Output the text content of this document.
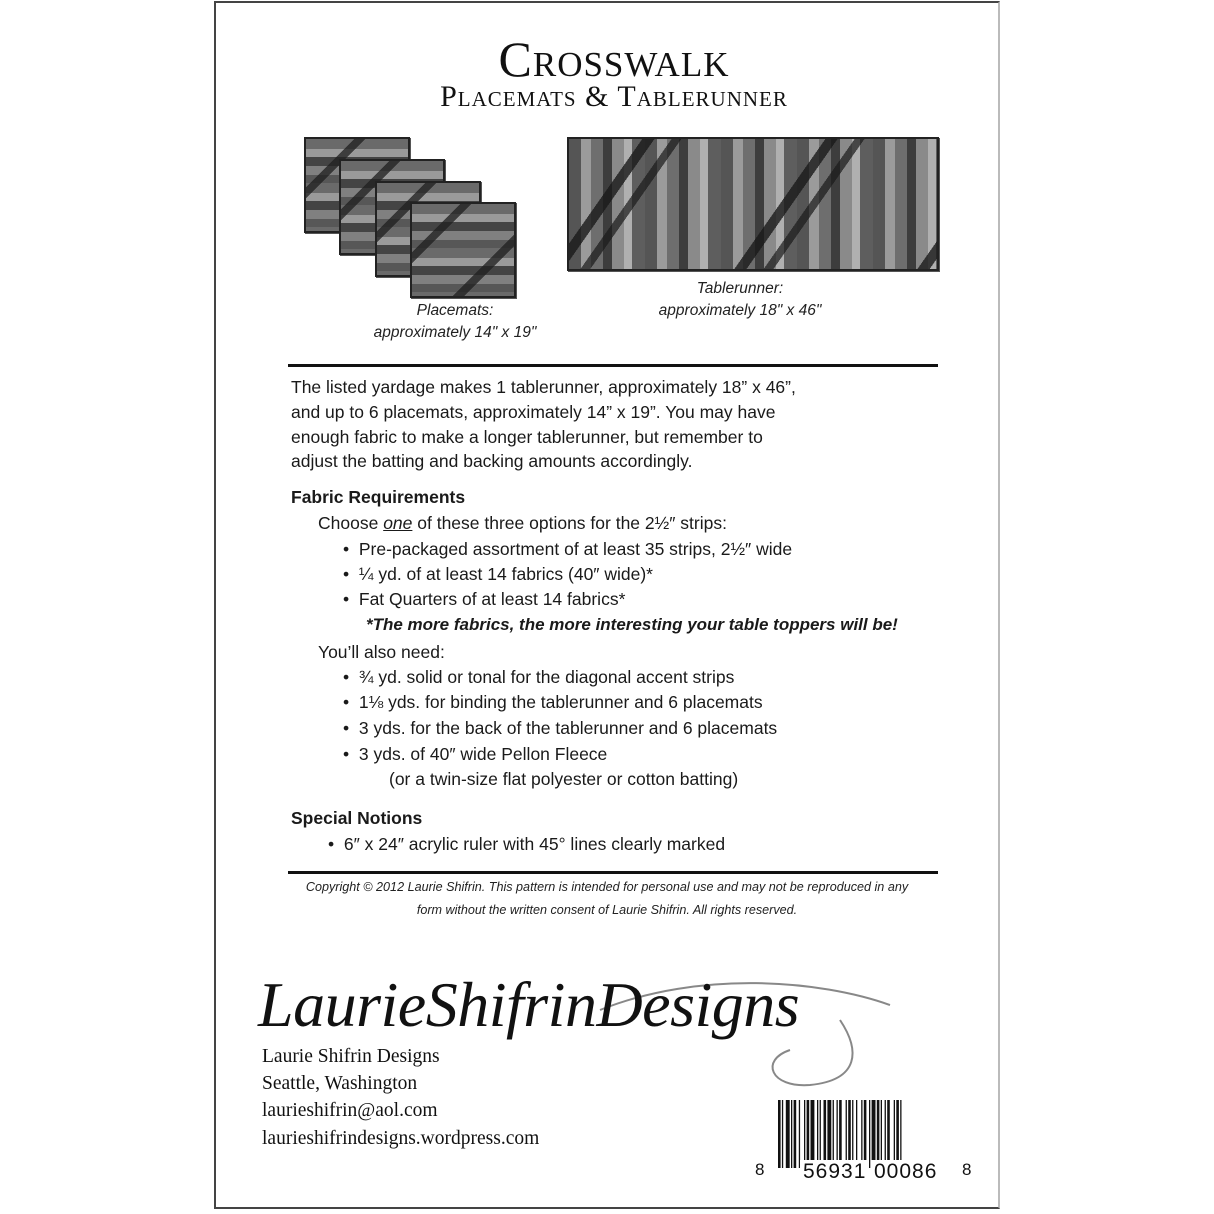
Crosswalk
Placemats & Tablerunner
Placemats:
approximately 14" x 19"
Tablerunner:
approximately 18" x 46"
The listed yardage makes 1 tablerunner, approximately 18” x 46”,
and up to 6 placemats, approximately 14” x 19”. You may have
enough fabric to make a longer tablerunner, but remember to
adjust the batting and backing amounts accordingly.
Fabric Requirements
Choose one of these three options for the 2½″ strips:
• Pre-packaged assortment of at least 35 strips, 2½″ wide
• ¼ yd. of at least 14 fabrics (40″ wide)*
• Fat Quarters of at least 14 fabrics*
*The more fabrics, the more interesting your table toppers will be!
You’ll also need:
• ¾ yd. solid or tonal for the diagonal accent strips
• 1⅛ yds. for binding the tablerunner and 6 placemats
• 3 yds. for the back of the tablerunner and 6 placemats
• 3 yds. of 40″ wide Pellon Fleece
(or a twin-size flat polyester or cotton batting)
Special Notions
• 6″ x 24″ acrylic ruler with 45° lines clearly marked
Copyright © 2012 Laurie Shifrin. This pattern is intended for personal use and may not be reproduced in any
form without the written consent of Laurie Shifrin. All rights reserved.
LaurieShifrinDesigns
Laurie Shifrin Designs
Seattle, Washington
laurieshifrin@aol.com
laurieshifrindesigns.wordpress.com
8 56931 00086 8
